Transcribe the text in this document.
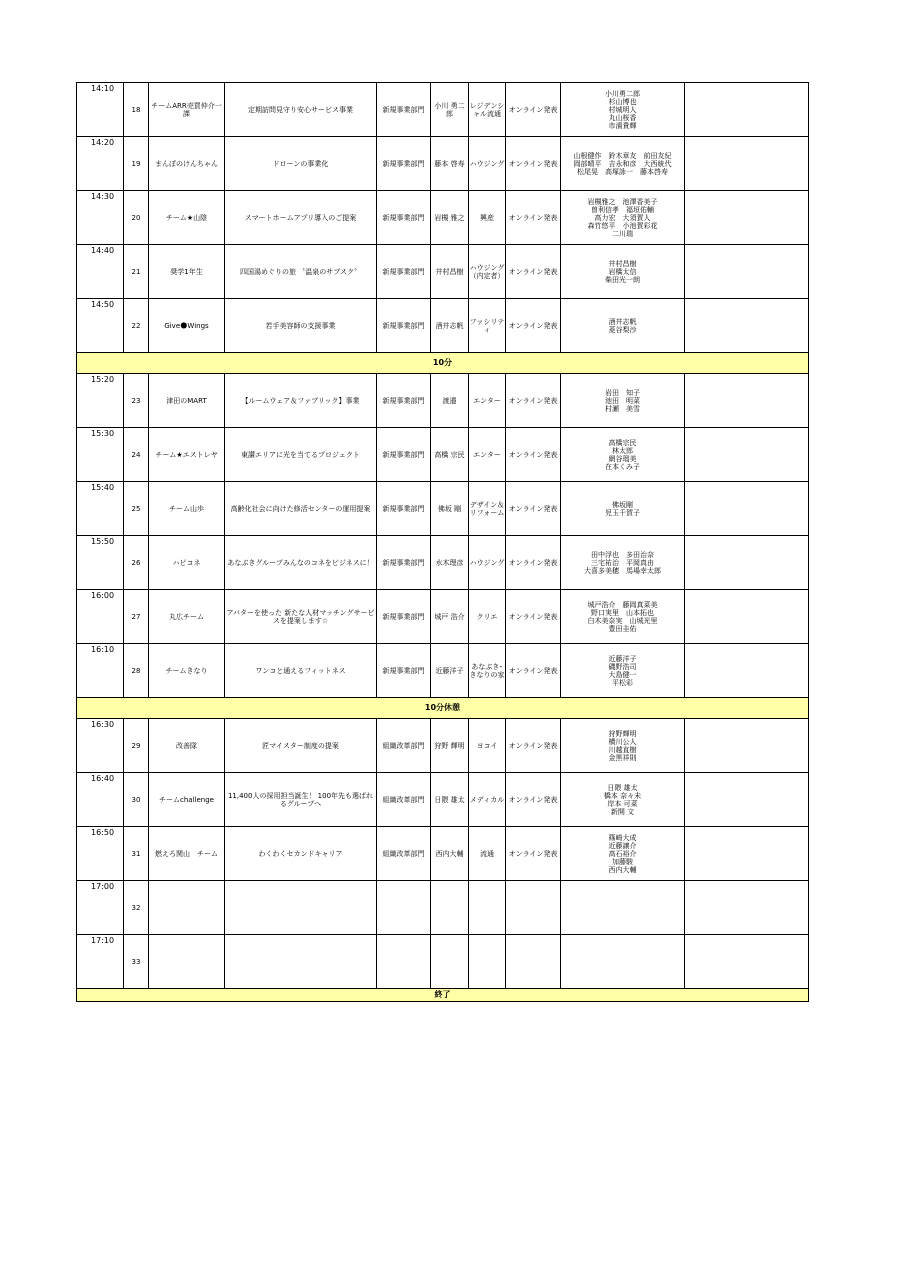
14:10	18	チームARR売買仲介一課	定期訪問見守り安心サービス事業	新規事業部門	小川 勇二郎	レジデンシャル流通	オンライン発表	小川勇二郎
杉山博也
村城明人
丸山桜香
市濱貴輝	

14:20	19	まんぼのけんちゃん	ドローンの事業化	新規事業部門	藤本 啓寿	ハウジング	オンライン発表	山根健作　鈴木章友　前田友紀
岡部晴平　吉永和彦　大西統代
松尾晃　高塚詠一　藤本啓寿	

14:30	20	チーム★山陰	スマートホームアプリ導入のご提案	新規事業部門	岩槻 雅之	興産	オンライン発表	岩槻雅之　池澤香美子
曽利信孝　福垣佑輔
高力宏　大須賀人
森竹悠平　小池賀彩花
二川瑞	

14:40	21	奨学1年生	四国湯めぐりの旅 〝温泉のサブスク〞	新規事業部門	井村昌樹	ハウジング（内定者）	オンライン発表	井村昌樹
岩橋太信
柴田光一朗	

14:50	22	Give🌑Wings	若手美容師の支援事業	新規事業部門	酒井志帆	ファシリティ	オンライン発表	酒井志帆
菱谷梨沙	

10分									
15:20	23	津田のMART	【ルームウェア＆ファブリック】事業	新規事業部門	渡邉	エンター	オンライン発表	岩田　知子
池田　明菜
村瀬　美雪	

15:30	24	チーム★エストレヤ	東讃エリアに光を当てるプロジェクト	新規事業部門	高橋 宗民	エンター	オンライン発表	高橋宗民
林太郎
網谷瑠美
在本くみ子	

15:40	25	チーム山歩	高齢化社会に向けた修活センターの運用提案	新規事業部門	佛坂 剛	デザイン＆リフォーム	オンライン発表	佛坂剛
児玉千賀子	

15:50	26	ハピコネ	あなぶきグループみんなのコネをビジネスに！	新規事業部門	水木理彦	ハウジング	オンライン発表	田中浮也　多田治奈
三宅祐治　平岡真由
大喜多美穂　馬場幸太郎	

16:00	27	丸広チーム	アバターを使った 新たな人材マッチングサービスを提案します☆	新規事業部門	城戸 浩介	クリエ	オンライン発表	城戸浩介　藤岡真菜美
野口実里　山本拓也
白木美奈実　山城光里
豊田圭佑	

16:10	28	チームきなり	ワンコと通えるフィットネス	新規事業部門	近藤洋子	あなぶき･きなりの家	オンライン発表	近藤洋子
磯野浩司
大島健一
平松彩	

10分休憩									
16:30	29	改善隊	匠マイスター制度の提案	組織改革部門	狩野 輝明	ヨコイ	オンライン発表	狩野輝明
横川公人
川越直樹
金黒祥則	

16:40	30	チームchallenge	11,400人の採用担当誕生！ 100年先も選ばれるグループへ	組織改革部門	日隈 雄太	メディカル	オンライン発表	日隈 雄太
橋本 奈々未
岸本 可菜
新開 文	

16:50	31	燃えろ関山　チーム	わくわくセカンドキャリア	組織改革部門	西内大輔	流通	オンライン発表	篠崎大成
近藤譲介
高石裕介
加藤駿
西内大輔	

17:00	32								
17:10	33								
終了									
